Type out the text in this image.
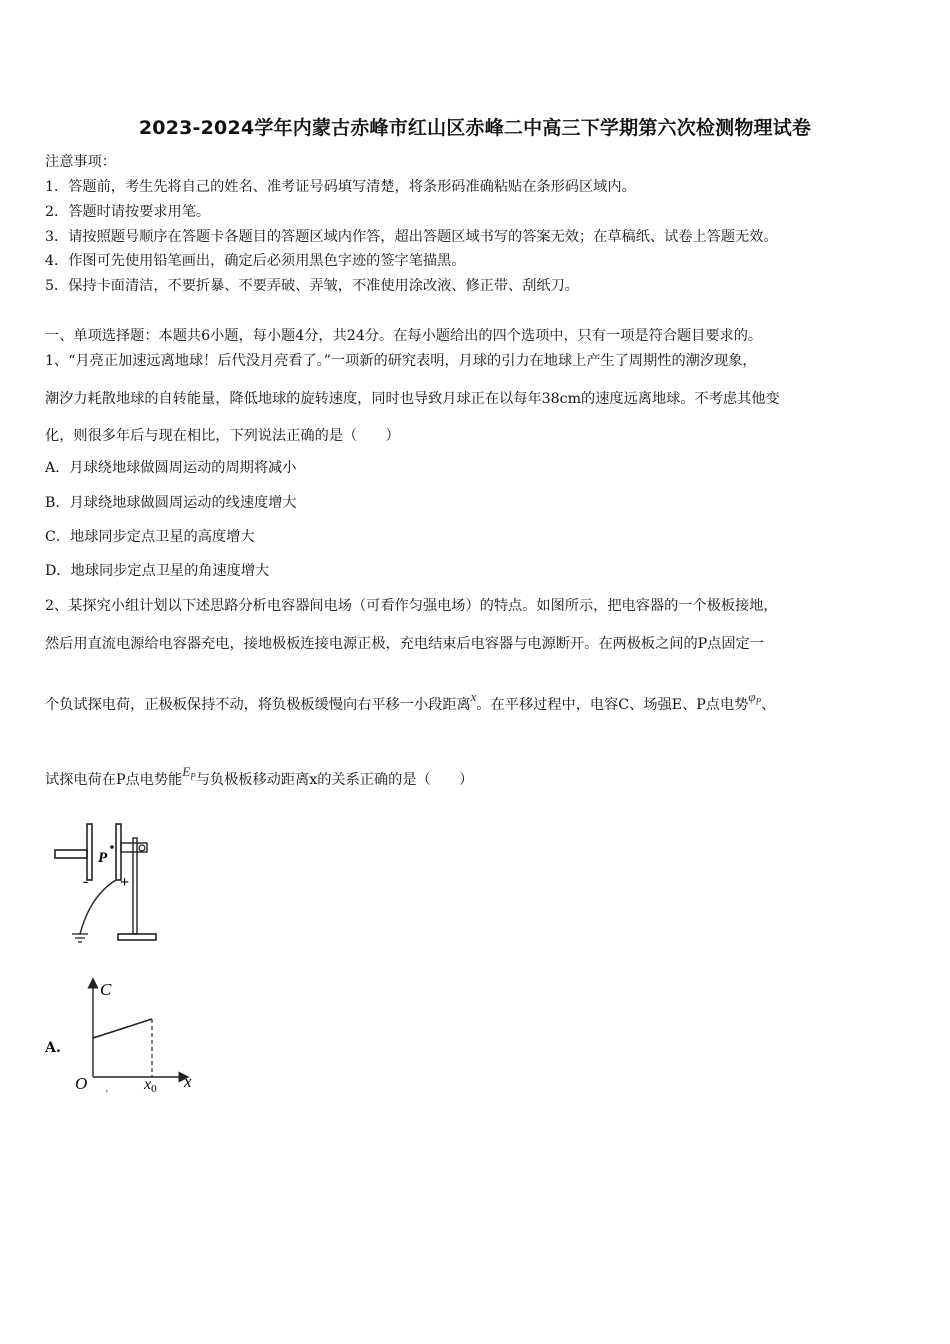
2023-2024学年内蒙古赤峰市红山区赤峰二中高三下学期第六次检测物理试卷
注意事项：
1．答题前，考生先将自己的姓名、准考证号码填写清楚，将条形码准确粘贴在条形码区域内。
2．答题时请按要求用笔。
3．请按照题号顺序在答题卡各题目的答题区域内作答，超出答题区域书写的答案无效；在草稿纸、试卷上答题无效。
4．作图可先使用铅笔画出，确定后必须用黑色字迹的签字笔描黑。
5．保持卡面清洁，不要折暴、不要弄破、弄皱，不准使用涂改液、修正带、刮纸刀。
一、单项选择题：本题共6小题，每小题4分，共24分。在每小题给出的四个选项中，只有一项是符合题目要求的。
1、“月亮正加速远离地球！后代没月亮看了。”一项新的研究表明，月球的引力在地球上产生了周期性的潮汐现象，
潮汐力耗散地球的自转能量，降低地球的旋转速度，同时也导致月球正在以每年38cm的速度远离地球。不考虑其他变
化，则很多年后与现在相比，下列说法正确的是（　　）
A．月球绕地球做圆周运动的周期将减小
B．月球绕地球做圆周运动的线速度增大
C．地球同步定点卫星的高度增大
D．地球同步定点卫星的角速度增大
2、某探究小组计划以下述思路分析电容器间电场（可看作匀强电场）的特点。如图所示，把电容器的一个极板接地，
然后用直流电源给电容器充电，接地极板连接电源正极，充电结束后电容器与电源断开。在两极板之间的P点固定一
个负试探电荷，正极板保持不动，将负极板缓慢向右平移一小段距离x。在平移过程中，电容C、场强E、P点电势$\varphi_P$、
试探电荷在P点电势能$E_P$与负极板移动距离x的关系正确的是（　　）
P
- +
A.
C
x
O	x0
'
